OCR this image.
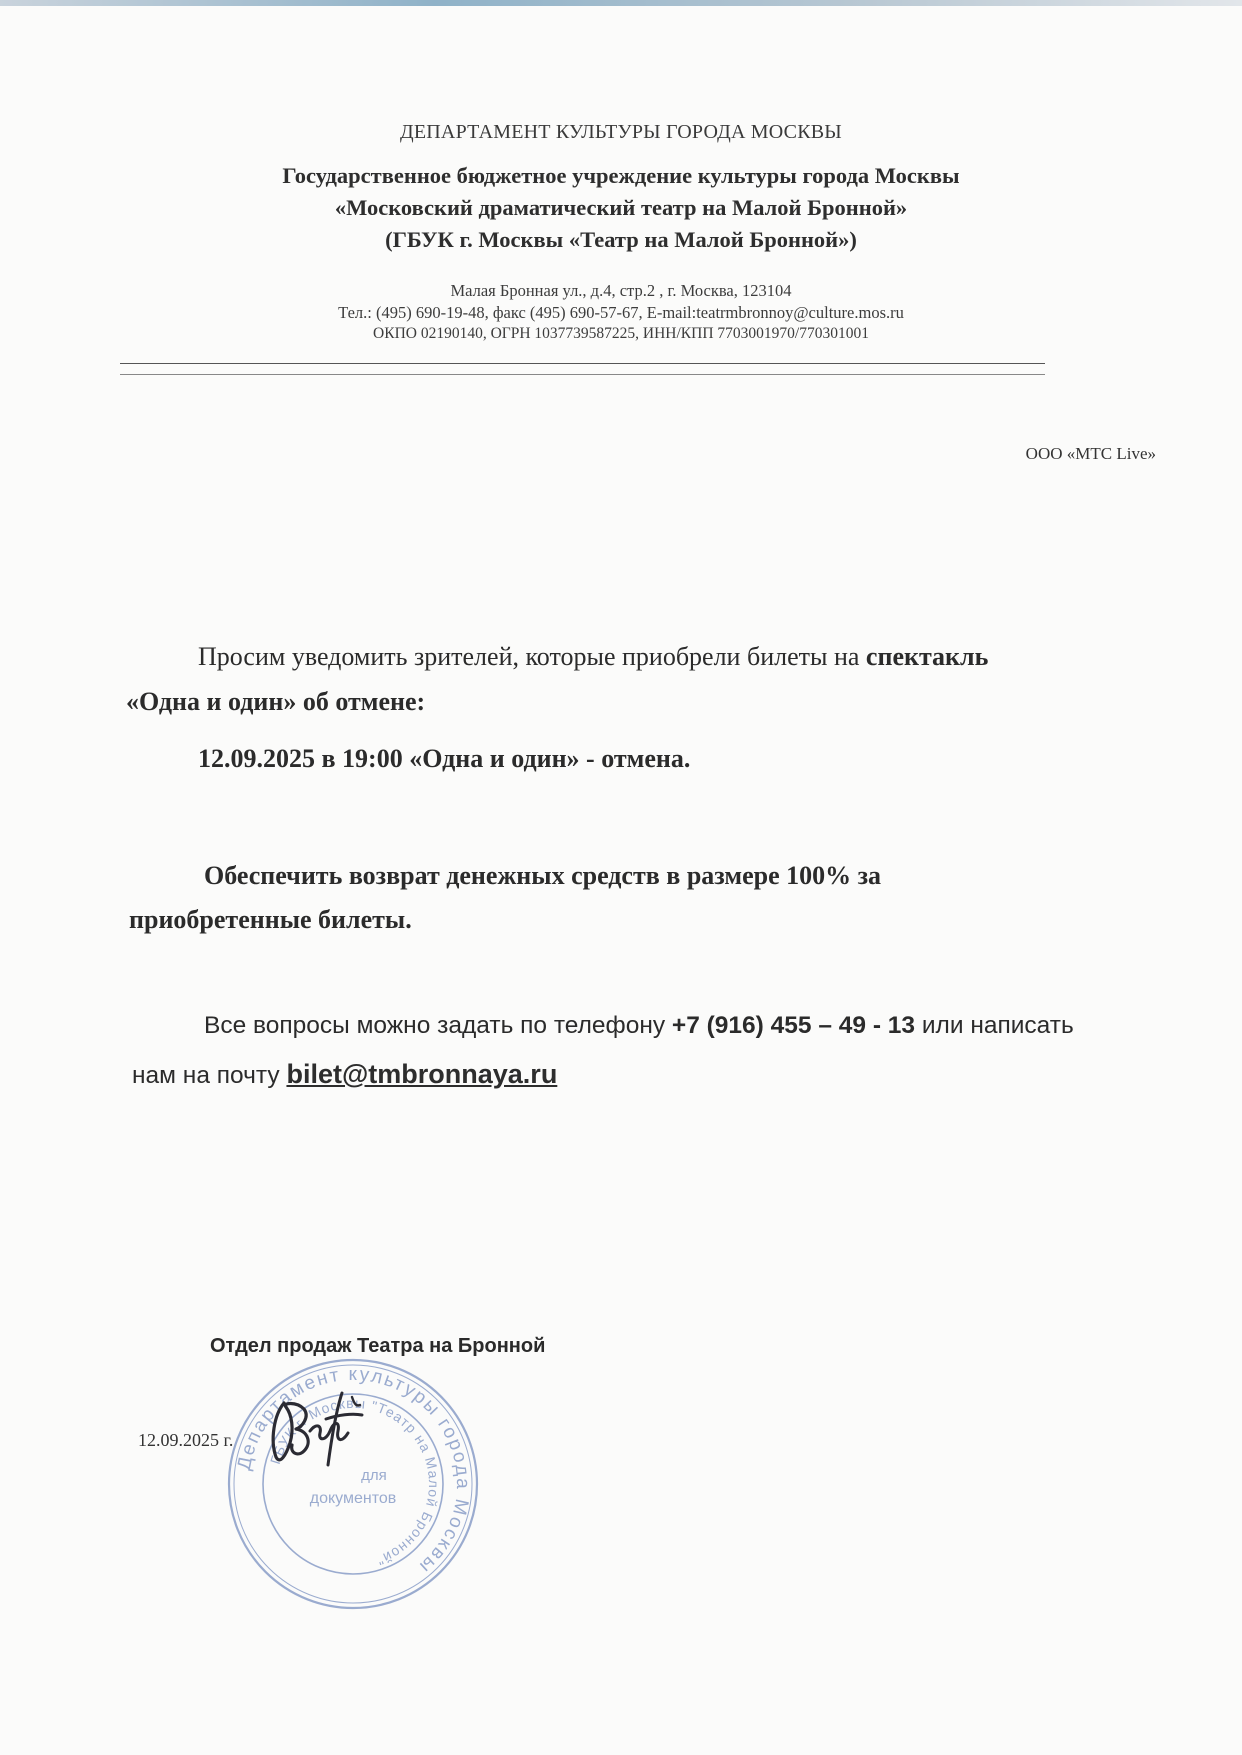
ДЕПАРТАМЕНТ КУЛЬТУРЫ ГОРОДА МОСКВЫ
Государственное бюджетное учреждение культуры города Москвы
«Московский драматический театр на Малой Бронной»
(ГБУК г. Москвы «Театр на Малой Бронной»)
Малая Бронная ул., д.4, стр.2 , г. Москва, 123104
Тел.: (495) 690-19-48, факс (495) 690-57-67, E-mail:teatrmbronnoy@culture.mos.ru
ОКПО 02190140, ОГРН 1037739587225, ИНН/КПП 7703001970/770301001
ООО «МТС Live»
Просим уведомить зрителей, которые приобрели билеты на спектакль
«Одна и один» об отмене:
12.09.2025 в 19:00 «Одна и один» - отмена.
Обеспечить возврат денежных средств в размере 100% за
приобретенные билеты.
Все вопросы можно задать по телефону +7 (916) 455 – 49 - 13 или написать
нам на почту bilet@tmbronnaya.ru
Отдел продаж Театра на Бронной
12.09.2025 г.
Департамент культуры города Москвы
ГБУК г. Москвы "Театр на Малой Бронной"
для
документов
